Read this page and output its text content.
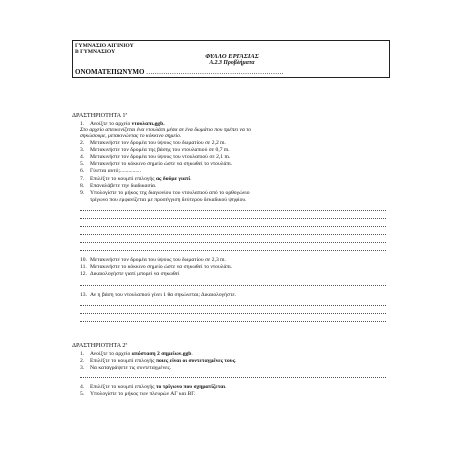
ΓΥΜΝΑΣΙΟ ΑΙΓΙΝΙΟΥ
Β ΓΥΜΝΑΣΙΟΥ
ΦΥΛΛΟ ΕΡΓΑΣΙΑΣ
Α.2.3 Προβλήματα
ΟΝΟΜΑΤΕΠΩΝΥΜΟ ................................................................
ΔΡΑΣΤΗΡΙΟΤΗΤΑ 1ª
1. Ανοίξτε το αρχείο ντουλαπι.ggb.
Στο αρχείο απεικονίζεται ένα ντουλάπι μέσα σε ένα δωμάτιο που πρέπει να το
σηκώσουμε, μετακινώντας το κόκκινο σημείο.
2. Μετακινήστε τον δρομέα του ύψους του δωματίου σε 2,2 m.
3. Μετακινήστε τον δρομέα της βάσης του ντουλαπιού σε 0,7 m.
4. Μετακινήστε τον δρομέα του ύψους του ντουλαπιού σε 2,1 m.
5. Μετακινήστε το κόκκινο σημείο ώστε να σηκωθεί το ντουλάπι.
6. Γίνεται αυτό;...............
7. Επιλέξτε το κουμπί επιλογής ας δούμε γιατί.
8. Επαναλάβετε την διαδικασία.
9. Υπολογίστε το μήκος της διαγωνίου του ντουλαπιού από το ορθογώνιο
τρίγωνο που εμφανίζεται με προσέγγιση δεύτερου δεκαδικού ψηφίου.
10. Μετακινήστε τον δρομέα του ύψους του δωματίου σε 2,3 m.
11. Μετακινήστε το κόκκινο σημείο ώστε να σηκωθεί το ντουλάπι.
12. Δικαιολογήστε γιατί μπορεί να σηκωθεί
13. Αν η βάση του ντουλαπιού γίνει 1 θα σηκώνεται; Δικαιολογήστε.
ΔΡΑΣΤΗΡΙΟΤΗΤΑ 2ª
1. Ανοίξτε το αρχείο απόσταση 2 σημείων.ggb.
2. Επιλέξτε το κουμπί επιλογής ποιες είναι οι συντεταγμένες τους.
3. Να καταγράψετε τις συντεταγμένες.
4. Επιλέξτε το κουμπί επιλογής το τρίγωνο που σχηματίζεται.
5. Υπολογίστε το μήκος των πλευρών ΑΓ και ΒΓ.
